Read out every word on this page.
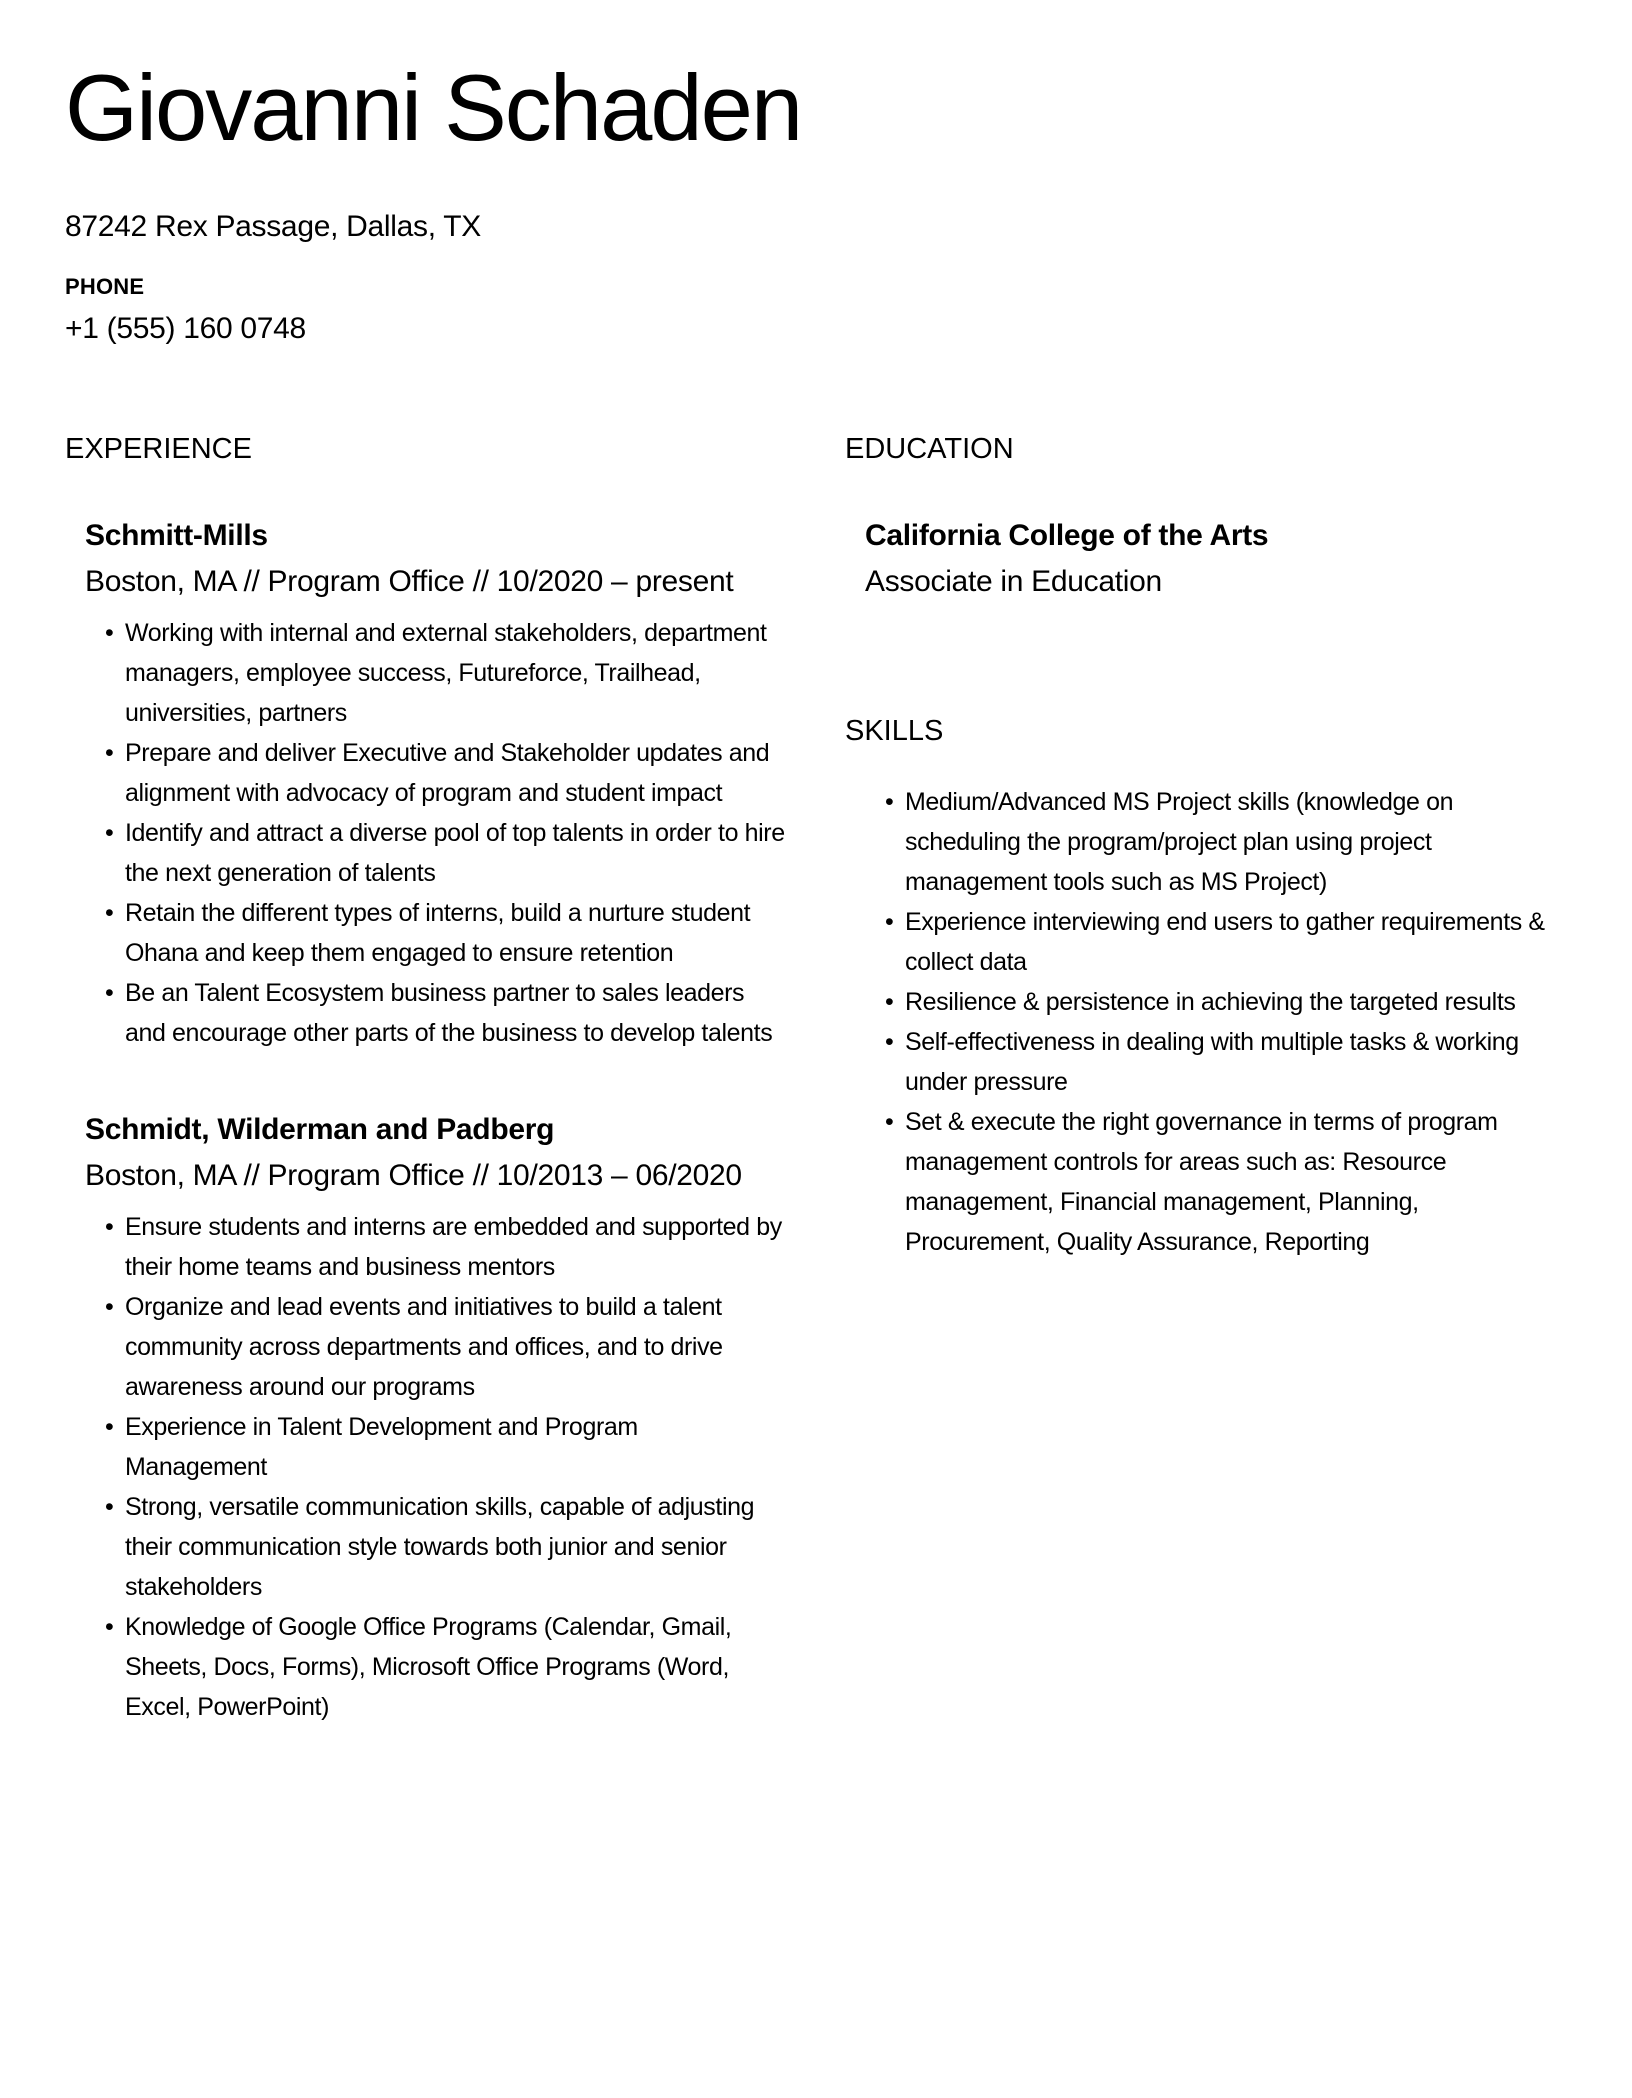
Giovanni Schaden
87242 Rex Passage, Dallas, TX
PHONE
+1 (555) 160 0748
EXPERIENCE
Schmitt-Mills
Boston, MA // Program Office // 10/2020 – present
• Working with internal and external stakeholders, department managers, employee success, Futureforce, Trailhead, universities, partners
• Prepare and deliver Executive and Stakeholder updates and alignment with advocacy of program and student impact
• Identify and attract a diverse pool of top talents in order to hire the next generation of talents
• Retain the different types of interns, build a nurture student Ohana and keep them engaged to ensure retention
• Be an Talent Ecosystem business partner to sales leaders and encourage other parts of the business to develop talents
Schmidt, Wilderman and Padberg
Boston, MA // Program Office // 10/2013 – 06/2020
• Ensure students and interns are embedded and supported by their home teams and business mentors
• Organize and lead events and initiatives to build a talent community across departments and offices, and to drive awareness around our programs
• Experience in Talent Development and Program Management
• Strong, versatile communication skills, capable of adjusting their communication style towards both junior and senior stakeholders
• Knowledge of Google Office Programs (Calendar, Gmail, Sheets, Docs, Forms), Microsoft Office Programs (Word, Excel, PowerPoint)
EDUCATION
California College of the Arts
Associate in Education
SKILLS
• Medium/Advanced MS Project skills (knowledge on scheduling the program/project plan using project management tools such as MS Project)
• Experience interviewing end users to gather requirements & collect data
• Resilience & persistence in achieving the targeted results
• Self-effectiveness in dealing with multiple tasks & working under pressure
• Set & execute the right governance in terms of program management controls for areas such as: Resource management, Financial management, Planning, Procurement, Quality Assurance, Reporting
